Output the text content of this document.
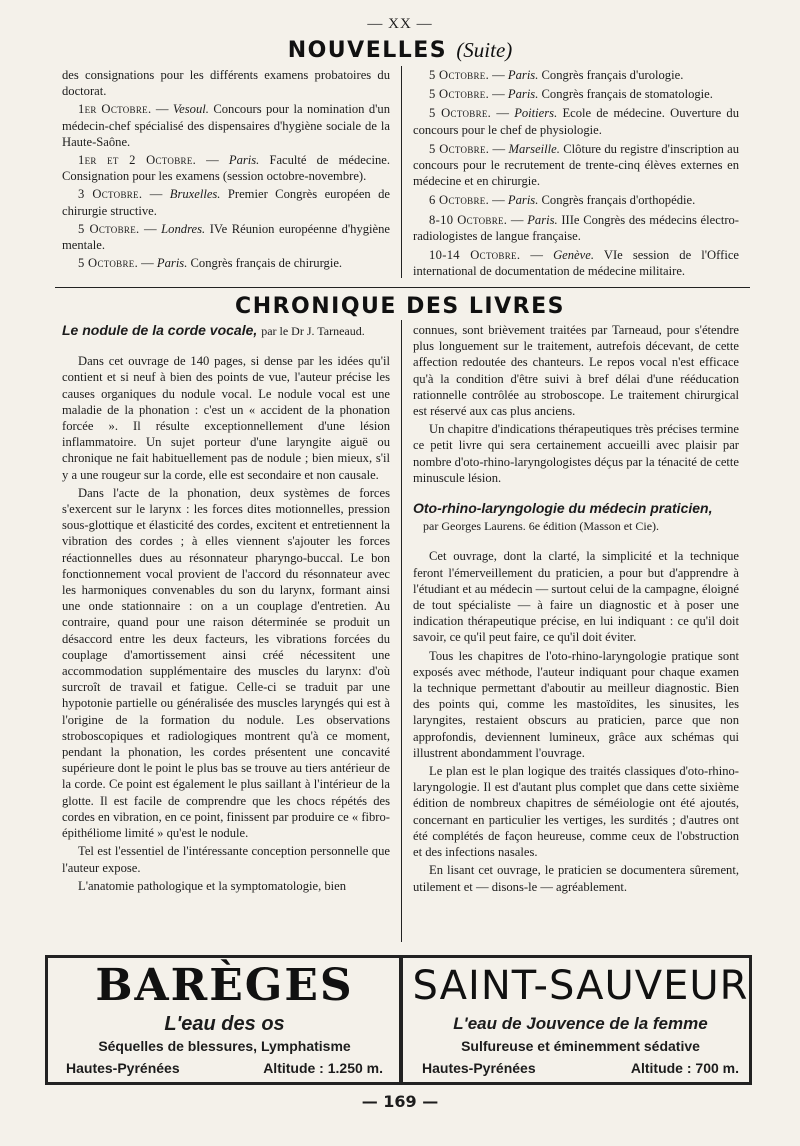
— XX —
NOUVELLES (Suite)

des consignations pour les différents examens probatoires du doctorat.

1er Octobre. — Vesoul. Concours pour la nomination d'un médecin-chef spécialisé des dispensaires d'hygiène sociale de la Haute-Saône.

1er et 2 Octobre. — Paris. Faculté de médecine. Consignation pour les examens (session octobre-novembre).

3 Octobre. — Bruxelles. Premier Congrès européen de chirurgie structive.

5 Octobre. — Londres. IVe Réunion européenne d'hygiène mentale.

5 Octobre. — Paris. Congrès français de chirurgie.

5 Octobre. — Paris. Congrès français d'urologie.

5 Octobre. — Paris. Congrès français de stomatologie.

5 Octobre. — Poitiers. Ecole de médecine. Ouverture du concours pour le chef de physiologie.

5 Octobre. — Marseille. Clôture du registre d'inscription au concours pour le recrutement de trente-cinq élèves externes en médecine et en chirurgie.

6 Octobre. — Paris. Congrès français d'orthopédie.

8-10 Octobre. — Paris. IIIe Congrès des médecins électro-radiologistes de langue française.

10-14 Octobre. — Genève. VIe session de l'Office international de documentation de médecine militaire.

CHRONIQUE DES LIVRES

Le nodule de la corde vocale, par le Dr J. Tarneaud.

Dans cet ouvrage de 140 pages, si dense par les idées qu'il contient et si neuf à bien des points de vue, l'auteur précise les causes organiques du nodule vocal. Le nodule vocal est une maladie de la phonation : c'est un « accident de la phonation forcée ». Il résulte exceptionnellement d'une lésion inflammatoire. Un sujet porteur d'une laryngite aiguë ou chronique ne fait habituellement pas de nodule ; bien mieux, s'il y a une rougeur sur la corde, elle est secondaire et non causale.

Dans l'acte de la phonation, deux systèmes de forces s'exercent sur le larynx : les forces dites motionnelles, pression sous-glottique et élasticité des cordes, excitent et entretiennent la vibration des cordes ; à elles viennent s'ajouter les forces réactionnelles dues au résonnateur pharyngo-buccal. Le bon fonctionnement vocal provient de l'accord du résonnateur avec les harmoniques convenables du son du larynx, formant ainsi une onde stationnaire : on a un couplage d'entretien. Au contraire, quand pour une raison déterminée se produit un désaccord entre les deux facteurs, les vibrations forcées du couplage d'amortissement ainsi créé nécessitent une accommodation supplémentaire des muscles du larynx: d'où surcroît de travail et fatigue. Celle-ci se traduit par une hypotonie partielle ou généralisée des muscles laryngés qui est à l'origine de la formation du nodule. Les observations stroboscopiques et radiologiques montrent qu'à ce moment, pendant la phonation, les cordes présentent une concavité supérieure dont le point le plus bas se trouve au tiers antérieur de la corde. Ce point est également le plus saillant à l'intérieur de la glotte. Il est facile de comprendre que les chocs répétés des cordes en vibration, en ce point, finissent par produire ce « fibro-épithéliome limité » qu'est le nodule.

Tel est l'essentiel de l'intéressante conception personnelle que l'auteur expose.

L'anatomie pathologique et la symptomatologie, bien

connues, sont brièvement traitées par Tarneaud, pour s'étendre plus longuement sur le traitement, autrefois décevant, de cette affection redoutée des chanteurs. Le repos vocal n'est efficace qu'à la condition d'être suivi à bref délai d'une rééducation rationnelle contrôlée au stroboscope. Le traitement chirurgical est réservé aux cas plus anciens.

Un chapitre d'indications thérapeutiques très précises termine ce petit livre qui sera certainement accueilli avec plaisir par nombre d'oto-rhino-laryngologistes déçus par la ténacité de cette minuscule lésion.

Oto-rhino-laryngologie du médecin praticien,

par Georges Laurens. 6e édition (Masson et Cie).

Cet ouvrage, dont la clarté, la simplicité et la technique feront l'émerveillement du praticien, a pour but d'apprendre à l'étudiant et au médecin — surtout celui de la campagne, éloigné de tout spécialiste — à faire un diagnostic et à poser une indication thérapeutique précise, en lui indiquant : ce qu'il doit savoir, ce qu'il peut faire, ce qu'il doit éviter.

Tous les chapitres de l'oto-rhino-laryngologie pratique sont exposés avec méthode, l'auteur indiquant pour chaque examen la technique permettant d'aboutir au meilleur diagnostic. Bien des points qui, comme les mastoïdites, les sinusites, les laryngites, restaient obscurs au praticien, parce que non approfondis, deviennent lumineux, grâce aux schémas qui illustrent abondamment l'ouvrage.

Le plan est le plan logique des traités classiques d'oto-rhino-laryngologie. Il est d'autant plus complet que dans cette sixième édition de nombreux chapitres de séméiologie ont été ajoutés, concernant en particulier les vertiges, les surdités ; d'autres ont été complétés de façon heureuse, comme ceux de l'obstruction et des infections nasales.

En lisant cet ouvrage, le praticien se documentera sûrement, utilement et — disons-le — agréablement.

BARÈGES
L'eau des os
Séquelles de blessures, Lymphatisme
Hautes-Pyrénées	Altitude : 1.250 m.
SAINT-SAUVEUR
L'eau de Jouvence de la femme
Sulfureuse et éminemment sédative
Hautes-Pyrénées	Altitude : 700 m.
— 169 —
